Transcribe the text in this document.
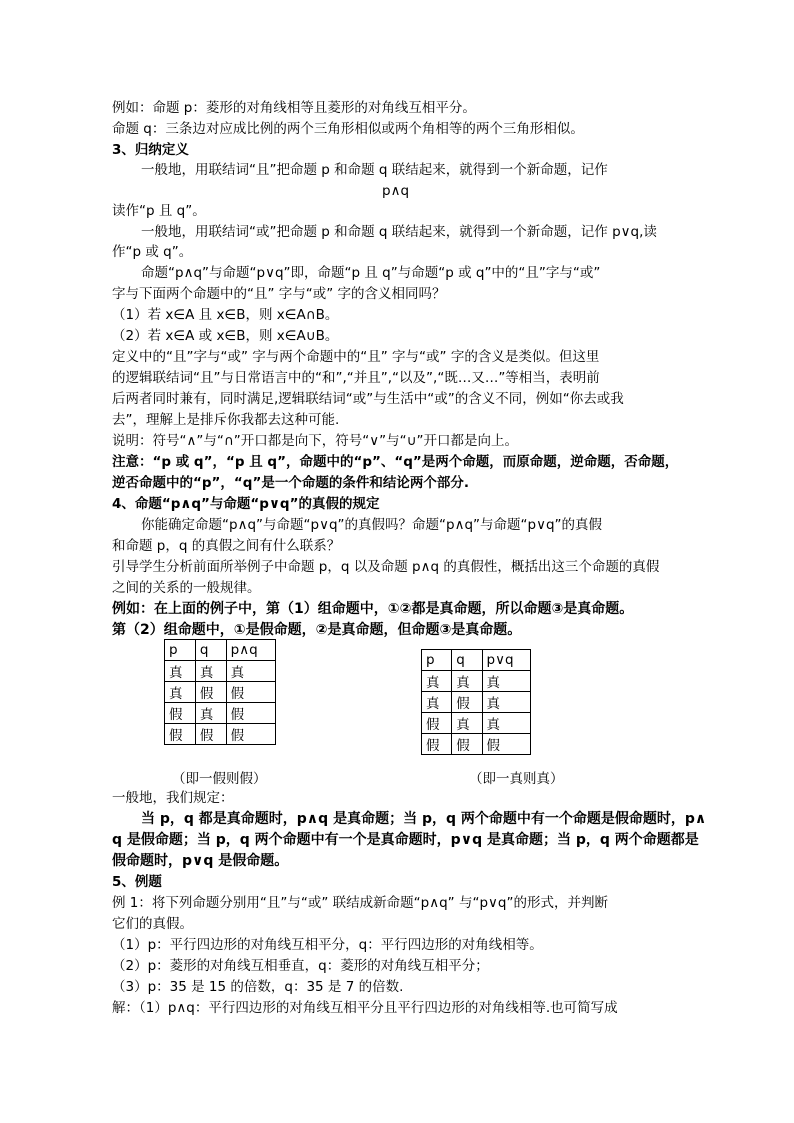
例如：命题 p：菱形的对角线相等且菱形的对角线互相平分。
命题 q：三条边对应成比例的两个三角形相似或两个角相等的两个三角形相似。
3、归纳定义
一般地，用联结词“且”把命题 p 和命题 q 联结起来，就得到一个新命题，记作
p∧q
读作“p 且 q”。
一般地，用联结词“或”把命题 p 和命题 q 联结起来，就得到一个新命题，记作 p∨q,读
作“p 或 q”。
命题“p∧q”与命题“p∨q”即，命题“p 且 q”与命题“p 或 q”中的“且”字与“或”
字与下面两个命题中的“且” 字与“或” 字的含义相同吗？
（1）若 x∈A 且 x∈B，则 x∈A∩B。
（2）若 x∈A 或 x∈B，则 x∈A∪B。
定义中的“且”字与“或” 字与两个命题中的“且” 字与“或” 字的含义是类似。但这里
的逻辑联结词“且”与日常语言中的“和”,“并且”,“以及”,“既…又…”等相当，表明前
后两者同时兼有，同时满足,逻辑联结词“或”与生活中“或”的含义不同，例如“你去或我
去”，理解上是排斥你我都去这种可能.
说明：符号“∧”与“∩”开口都是向下，符号“∨”与“∪”开口都是向上。
注意：“p 或 q”，“p 且 q”，命题中的“p”、“q”是两个命题，而原命题，逆命题，否命题，
逆否命题中的“p”，“q”是一个命题的条件和结论两个部分.
4、命题“p∧q”与命题“p∨q”的真假的规定
你能确定命题“p∧q”与命题“p∨q”的真假吗？命题“p∧q”与命题“p∨q”的真假
和命题 p，q 的真假之间有什么联系？
引导学生分析前面所举例子中命题 p，q 以及命题 p∧q 的真假性，概括出这三个命题的真假
之间的关系的一般规律。
例如：在上面的例子中，第（1）组命题中，①②都是真命题，所以命题③是真命题。
第（2）组命题中，①是假命题，②是真命题，但命题③是真命题。
p	q	p∧q
真	真	真
真	假	假
假	真	假
假	假	假
p	q	p∨q
真	真	真
真	假	真
假	真	真
假	假	假
（即一假则假）	（即一真则真）
一般地，我们规定：
当 p，q 都是真命题时，p∧q 是真命题；当 p，q 两个命题中有一个命题是假命题时，p∧
q 是假命题；当 p，q 两个命题中有一个是真命题时，p∨q 是真命题；当 p，q 两个命题都是
假命题时，p∨q 是假命题。
5、例题
例 1：将下列命题分别用“且”与“或” 联结成新命题“p∧q” 与“p∨q”的形式，并判断
它们的真假。
（1）p：平行四边形的对角线互相平分，q：平行四边形的对角线相等。
（2）p：菱形的对角线互相垂直，q：菱形的对角线互相平分；
（3）p：35 是 15 的倍数，q：35 是 7 的倍数.
解：（1）p∧q：平行四边形的对角线互相平分且平行四边形的对角线相等.也可简写成
